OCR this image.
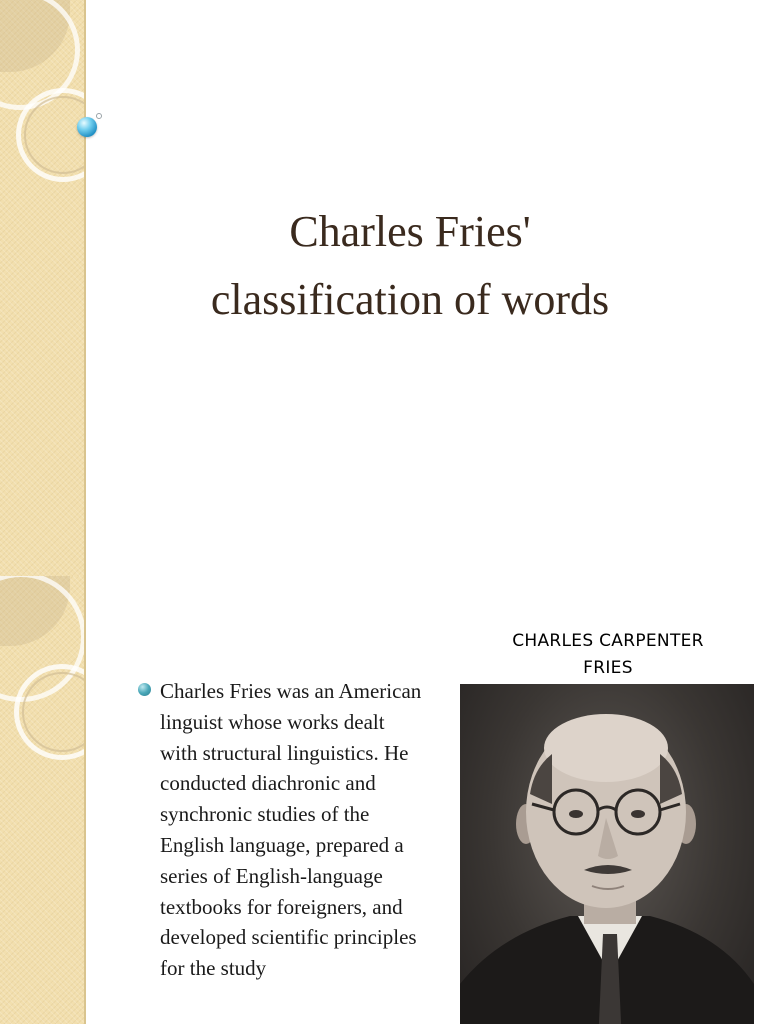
Charles Fries'
classification of words
Charles Fries was an American linguist whose works dealt with structural linguistics. He conducted diachronic and synchronic studies of the English language, prepared a series of English-language textbooks for foreigners, and developed scientific principles for the study

CHARLES CARPENTER
FRIES
